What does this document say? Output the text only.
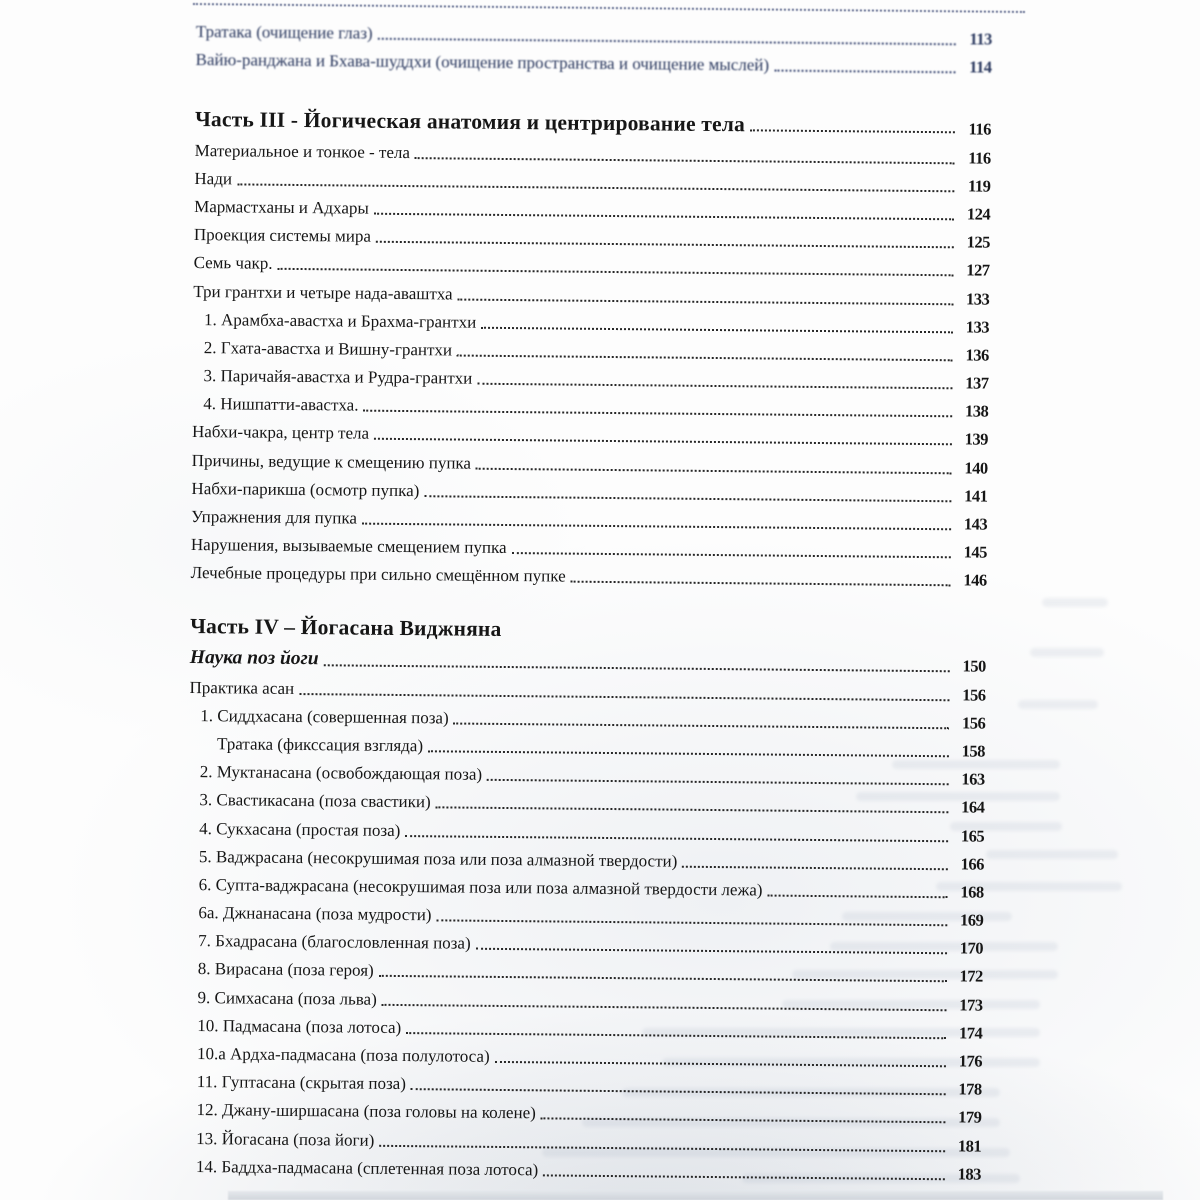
Тратака (очищение глаз)	113
Вайю-ранджана и Бхава-шуддхи (очищение пространства и очищение мыслей)	114
Часть III - Йогическая анатомия и центрирование тела	116
Материальное и тонкое - тела	116
Нади	119
Мармастханы и Адхары	124
Проекция системы мира	125
Семь чакр.	127
Три грантхи и четыре нада-аваштха	133
1. Арамбха-авастха и Брахма-грантхи	133
2. Гхата-авастха и Вишну-грантхи	136
3. Паричайя-авастха и Рудра-грантхи	137
4. Нишпатти-авастха.	138
Набхи-чакра, центр тела	139
Причины, ведущие к смещению пупка	140
Набхи-парикша (осмотр пупка)	141
Упражнения для пупка	143
Нарушения, вызываемые смещением пупка	145
Лечебные процедуры при сильно смещённом пупке	146
Часть IV – Йогасана Виджняна
Наука поз йоги	150
Практика асан	156
1. Сиддхасана (совершенная поза)	156
Тратака (фикссация взгляда)	158
2. Муктанасана (освобождающая поза)	163
3. Свастикасана (поза свастики)	164
4. Сукхасана (простая поза)	165
5. Ваджрасана (несокрушимая поза или поза алмазной твердости)	166
6. Супта-ваджрасана (несокрушимая поза или поза алмазной твердости лежа)	168
6а. Джнанасана (поза мудрости)	169
7. Бхадрасана (благословленная поза)	170
8. Вирасана (поза героя)	172
9. Симхасана (поза льва)	173
10. Падмасана (поза лотоса)	174
10.а Ардха-падмасана (поза полулотоса)	176
11. Гуптасана (скрытая поза)	178
12. Джану-ширшасана (поза головы на колене)	179
13. Йогасана (поза йоги)	181
14. Баддха-падмасана (сплетенная поза лотоса)	183
